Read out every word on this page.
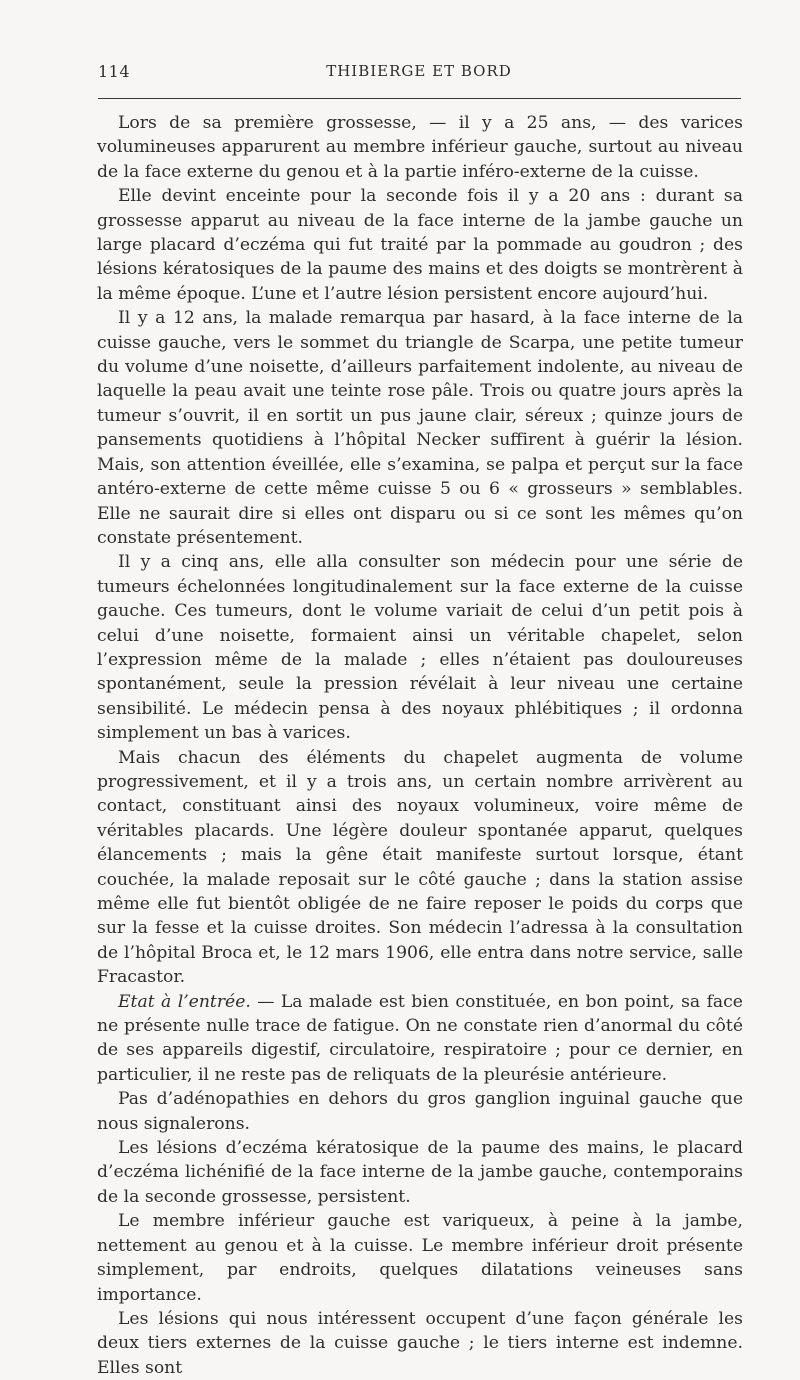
114	THIBIERGE ET BORD

Lors de sa première grossesse, — il y a 25 ans, — des varices volumineuses apparurent au membre inférieur gauche, surtout au niveau de la face externe du genou et à la partie inféro-externe de la cuisse.

Elle devint enceinte pour la seconde fois il y a 20 ans : durant sa grossesse apparut au niveau de la face interne de la jambe gauche un large placard d’eczéma qui fut traité par la pommade au goudron ; des lésions kératosiques de la paume des mains et des doigts se montrèrent à la même époque. L’une et l’autre lésion persistent encore aujourd’hui.

Il y a 12 ans, la malade remarqua par hasard, à la face interne de la cuisse gauche, vers le sommet du triangle de Scarpa, une petite tumeur du volume d’une noisette, d’ailleurs parfaitement indolente, au niveau de laquelle la peau avait une teinte rose pâle. Trois ou quatre jours après la tumeur s’ouvrit, il en sortit un pus jaune clair, séreux ; quinze jours de pansements quotidiens à l’hôpital Necker suffirent à guérir la lésion. Mais, son attention éveillée, elle s’examina, se palpa et perçut sur la face antéro-externe de cette même cuisse 5 ou 6 « grosseurs » semblables. Elle ne saurait dire si elles ont disparu ou si ce sont les mêmes qu’on constate présentement.

Il y a cinq ans, elle alla consulter son médecin pour une série de tumeurs échelonnées longitudinalement sur la face externe de la cuisse gauche. Ces tumeurs, dont le volume variait de celui d’un petit pois à celui d’une noisette, formaient ainsi un véritable chapelet, selon l’expression même de la malade ; elles n’étaient pas douloureuses spontanément, seule la pression révélait à leur niveau une certaine sensibilité. Le médecin pensa à des noyaux phlébitiques ; il ordonna simplement un bas à varices.

Mais chacun des éléments du chapelet augmenta de volume progressivement, et il y a trois ans, un certain nombre arrivèrent au contact, constituant ainsi des noyaux volumineux, voire même de véritables placards. Une légère douleur spontanée apparut, quelques élancements ; mais la gêne était manifeste surtout lorsque, étant couchée, la malade reposait sur le côté gauche ; dans la station assise même elle fut bientôt obligée de ne faire reposer le poids du corps que sur la fesse et la cuisse droites. Son médecin l’adressa à la consultation de l’hôpital Broca et, le 12 mars 1906, elle entra dans notre service, salle Fracastor.

Etat à l’entrée. — La malade est bien constituée, en bon point, sa face ne présente nulle trace de fatigue. On ne constate rien d’anormal du côté de ses appareils digestif, circulatoire, respiratoire ; pour ce dernier, en particulier, il ne reste pas de reliquats de la pleurésie antérieure.

Pas d’adénopathies en dehors du gros ganglion inguinal gauche que nous signalerons.

Les lésions d’eczéma kératosique de la paume des mains, le placard d’eczéma lichénifié de la face interne de la jambe gauche, contemporains de la seconde grossesse, persistent.

Le membre inférieur gauche est variqueux, à peine à la jambe, nettement au genou et à la cuisse. Le membre inférieur droit présente simplement, par endroits, quelques dilatations veineuses sans importance.

Les lésions qui nous intéressent occupent d’une façon générale les deux tiers externes de la cuisse gauche ; le tiers interne est indemne. Elles sont
